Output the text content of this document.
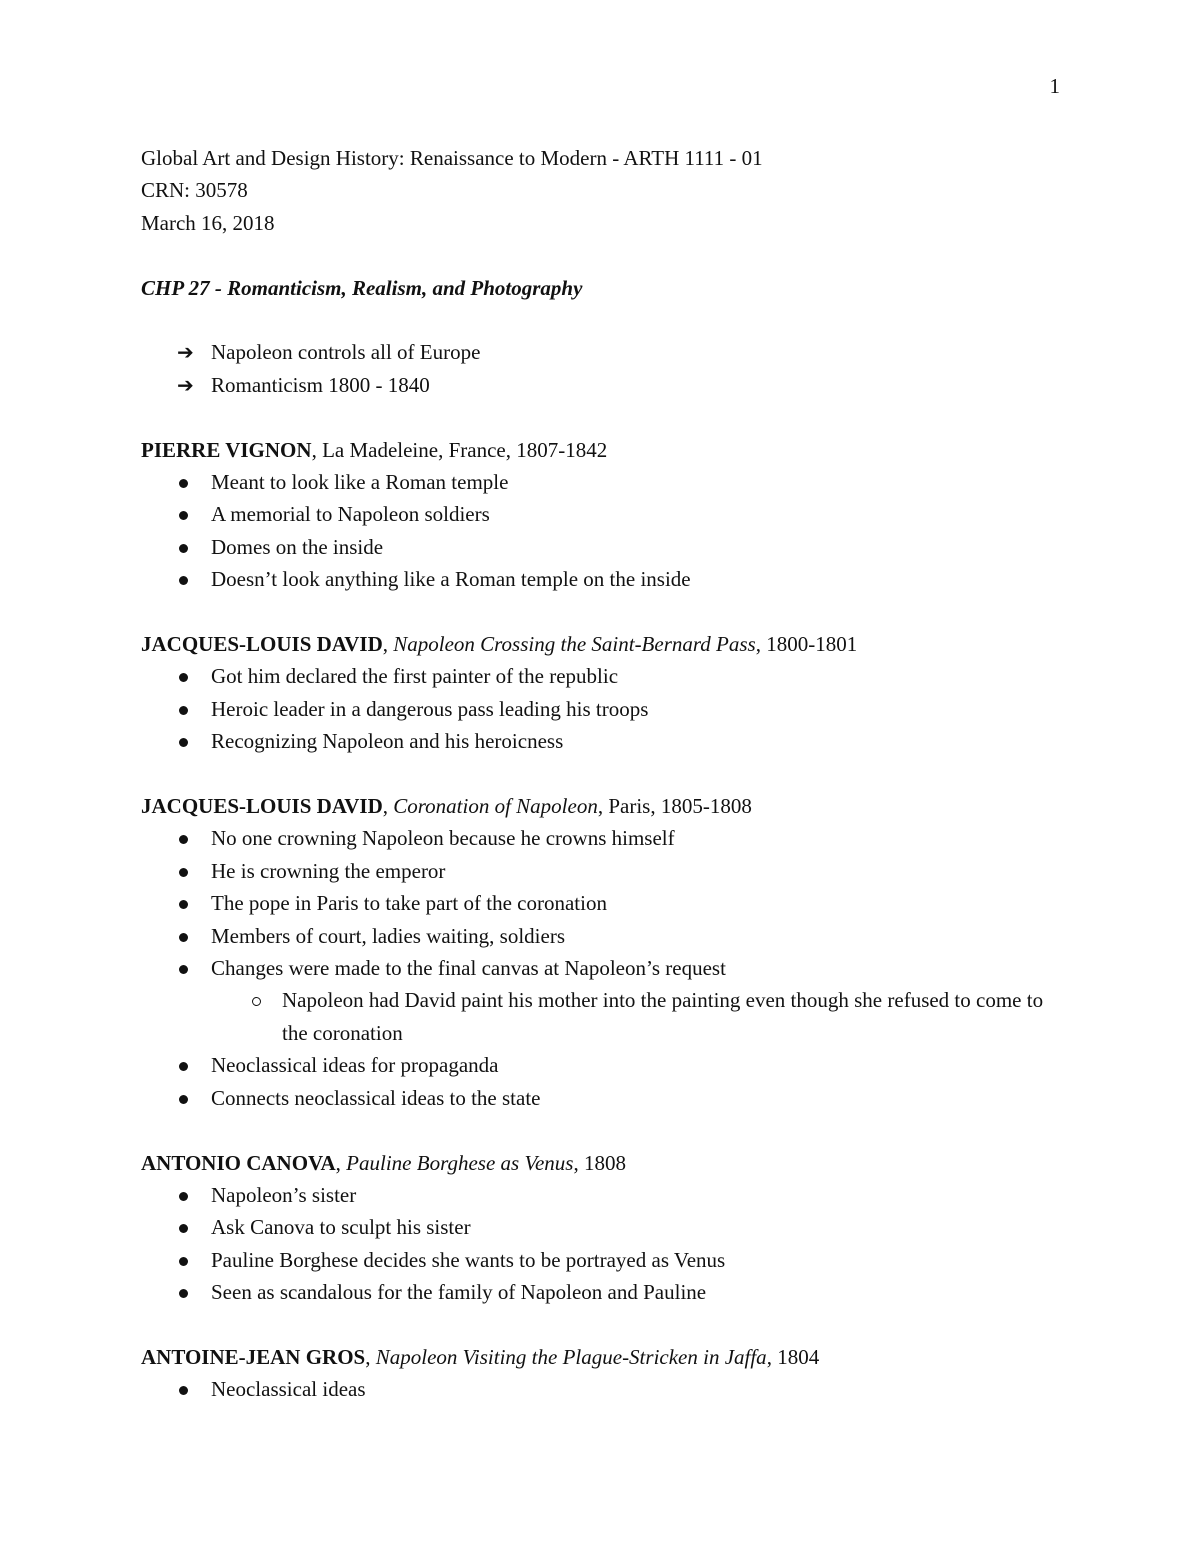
1
Global Art and Design History: Renaissance to Modern - ARTH 1111 - 01
CRN: 30578
March 16, 2018
CHP 27 - Romanticism, Realism, and Photography
➔ Napoleon controls all of Europe
➔ Romanticism 1800 - 1840
PIERRE VIGNON, La Madeleine, France, 1807-1842
Meant to look like a Roman temple
A memorial to Napoleon soldiers
Domes on the inside
Doesn’t look anything like a Roman temple on the inside
JACQUES-LOUIS DAVID, Napoleon Crossing the Saint-Bernard Pass, 1800-1801
Got him declared the first painter of the republic
Heroic leader in a dangerous pass leading his troops
Recognizing Napoleon and his heroicness
JACQUES-LOUIS DAVID, Coronation of Napoleon, Paris, 1805-1808
No one crowning Napoleon because he crowns himself
He is crowning the emperor
The pope in Paris to take part of the coronation
Members of court, ladies waiting, soldiers
Changes were made to the final canvas at Napoleon’s request
Napoleon had David paint his mother into the painting even though she refused to come to the coronation
Neoclassical ideas for propaganda
Connects neoclassical ideas to the state
ANTONIO CANOVA, Pauline Borghese as Venus, 1808
Napoleon’s sister
Ask Canova to sculpt his sister
Pauline Borghese decides she wants to be portrayed as Venus
Seen as scandalous for the family of Napoleon and Pauline
ANTOINE-JEAN GROS, Napoleon Visiting the Plague-Stricken in Jaffa, 1804
Neoclassical ideas
